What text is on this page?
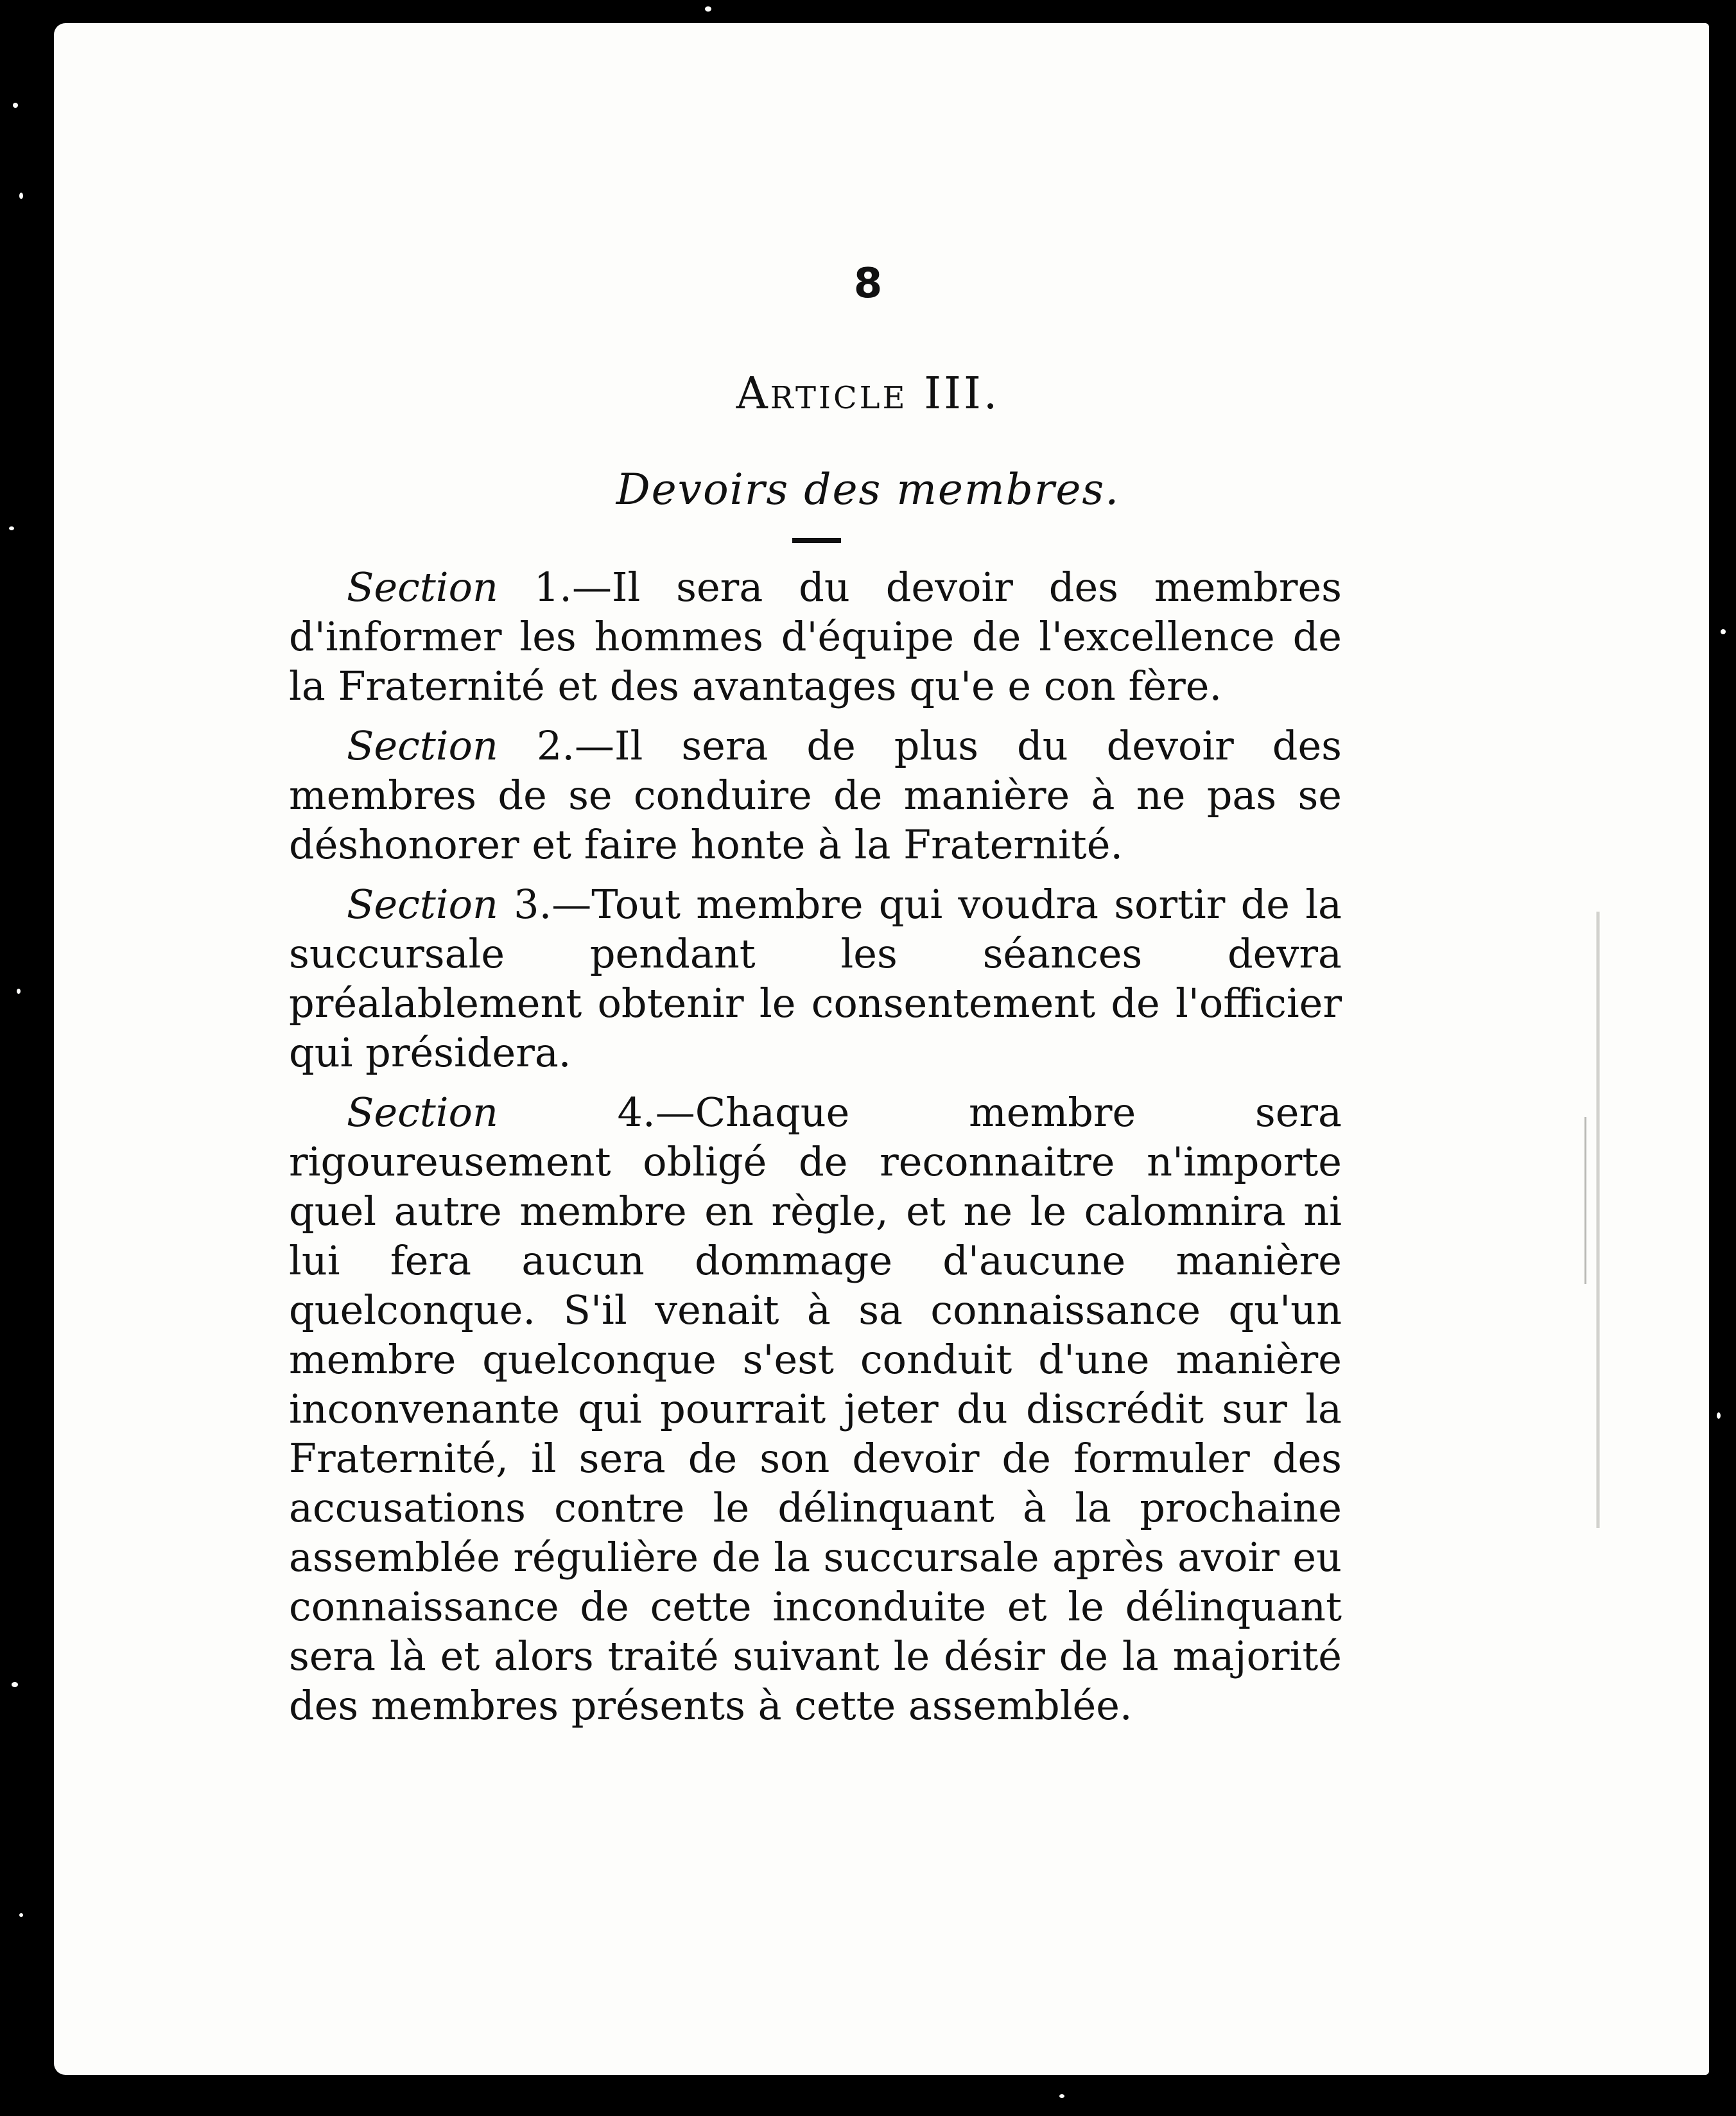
8
Article III.
Devoirs des membres.

Section 1.—Il sera du devoir des membres d'informer les hommes d'équipe de l'excellence de la Fraternité et des avantages qu'e e con fère.

Section 2.—Il sera de plus du devoir des membres de se conduire de manière à ne pas se déshonorer et faire honte à la Fraternité.

Section 3.—Tout membre qui voudra sortir de la succursale pendant les séances devra préalablement obtenir le consentement de l'officier qui présidera.

Section	4.—Chaque membre sera rigoureusement obligé de reconnaitre n'importe quel autre membre en règle, et ne le calomnira ni lui fera aucun dommage d'aucune manière quelconque. S'il venait à sa connaissance qu'un membre quelconque s'est conduit d'une manière inconvenante qui pourrait jeter du discrédit sur la Fraternité, il sera de son devoir de formuler des accusations contre le délinquant à la prochaine assemblée régulière de la succursale après avoir eu connaissance de cette inconduite et le délinquant sera là et alors traité suivant le désir de la majorité des membres présents à cette assemblée.
